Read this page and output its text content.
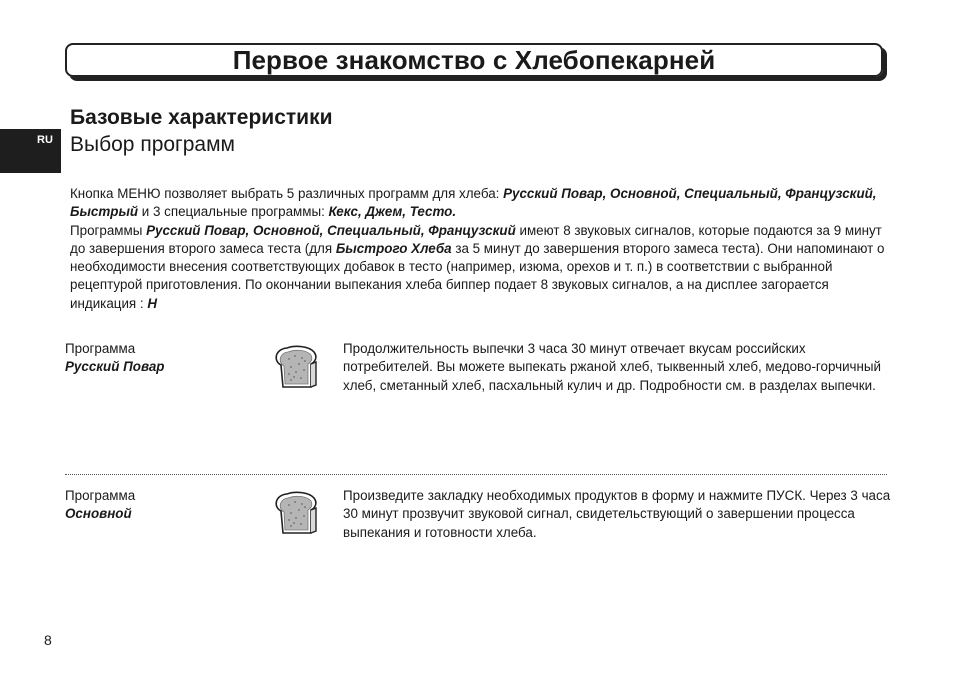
Первое знакомство с Хлебопекарней
RU
Базовые характеристики
Выбор программ

Кнопка МЕНЮ позволяет выбрать 5 различных программ для хлеба: Русский Повар, Основной, Специальный, Французский, Быстрый и 3 специальные программы: Кекс, Джем, Тесто.
Программы Русский Повар, Основной, Специальный, Французский имеют 8 звуковых сигналов, которые подаются за 9 минут до завершения второго замеса теста (для Быстрого Хлеба за 5 минут до завершения второго замеса теста). Они напоминают о необходимости внесения соответствующих добавок в тесто (например, изюма, орехов и т. п.) в соответствии с выбранной рецептурой приготовления. По окончании выпекания хлеба биппер подает 8 звуковых сигналов, а на дисплее загорается индикация : H

Программа
Русский Повар

Продолжительность выпечки 3 часа 30 минут отвечает вкусам российских потребителей. Вы можете выпекать ржаной хлеб, тыквенный хлеб, медово-горчичный хлеб, сметанный хлеб, пасхальный кулич и др. Подробности см. в разделах выпечки.

Программа
Основной

Произведите закладку необходимых продуктов в форму и нажмите ПУСК. Через 3 часа 30 минут прозвучит звуковой сигнал, свидетельствующий о завершении процесса выпекания и готовности хлеба.

8
